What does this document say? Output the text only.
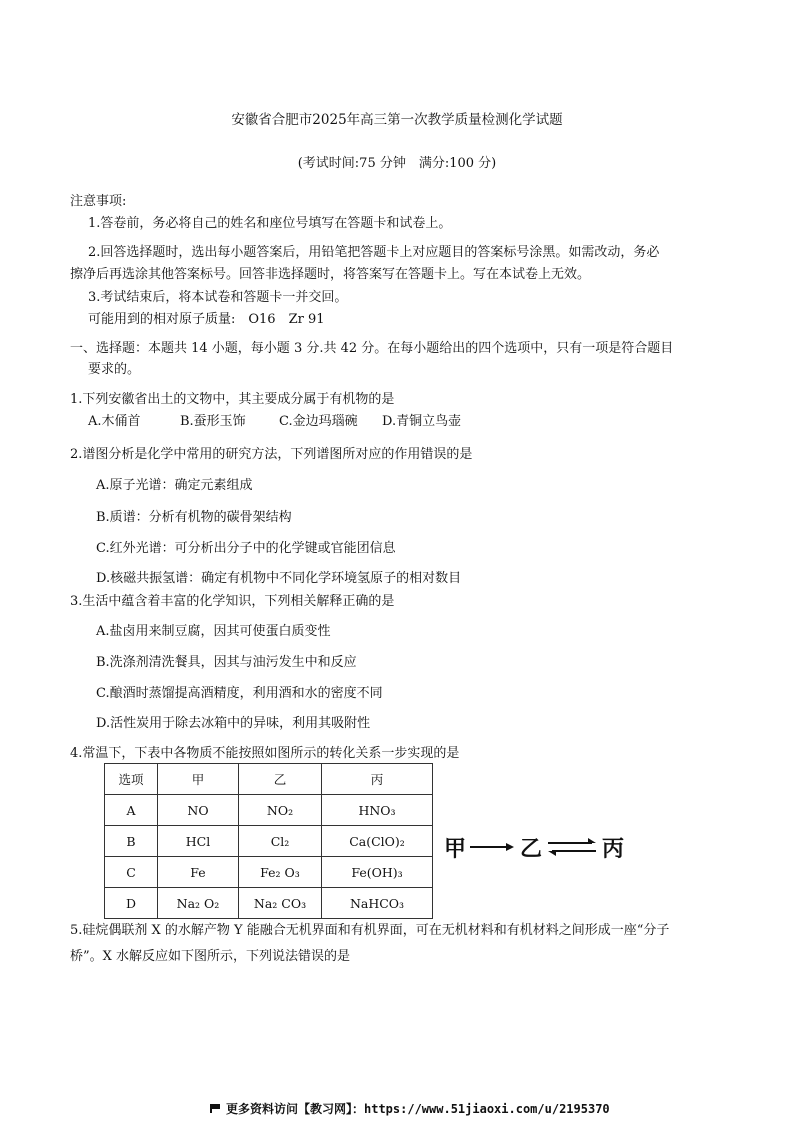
安徽省合肥市2025年高三第一次教学质量检测化学试题
(考试时间:75 分钟　满分:100 分)
注意事项:
1.答卷前，务必将自己的姓名和座位号填写在答题卡和试卷上。
2.回答选择题时，选出每小题答案后，用铅笔把答题卡上对应题目的答案标号涂黑。如需改动，务必
擦净后再选涂其他答案标号。回答非选择题时，将答案写在答题卡上。写在本试卷上无效。
3.考试结束后，将本试卷和答题卡一并交回。
可能用到的相对原子质量:　O16　Zr 91
一、选择题：本题共 14 小题，每小题 3 分.共 42 分。在每小题给出的四个选项中，只有一项是符合题目
要求的。
1.下列安徽省出土的文物中，其主要成分属于有机物的是
A.木俑首	B.蚕形玉饰	C.金边玛瑙碗 D.青铜立鸟壶
2.谱图分析是化学中常用的研究方法，下列谱图所对应的作用错误的是
A.原子光谱：确定元素组成
B.质谱：分析有机物的碳骨架结构
C.红外光谱：可分析出分子中的化学键或官能团信息
D.核磁共振氢谱：确定有机物中不同化学环境氢原子的相对数目
3.生活中蕴含着丰富的化学知识，下列相关解释正确的是
A.盐卤用来制豆腐，因其可使蛋白质变性
B.洗涤剂清洗餐具，因其与油污发生中和反应
C.酿酒时蒸馏提高酒精度，利用酒和水的密度不同
D.活性炭用于除去冰箱中的异味，利用其吸附性
4.常温下，下表中各物质不能按照如图所示的转化关系一步实现的是
选项	甲	乙	丙
A	NO	NO₂	HNO₃
B	HCl	Cl₂	Ca(ClO)₂
C	Fe	Fe₂ O₃	Fe(OH)₃
D	Na₂ O₂	Na₂ CO₃	NaHCO₃
甲 乙 ⇌ 丙
5.硅烷偶联剂 X 的水解产物 Y 能融合无机界面和有机界面，可在无机材料和有机材料之间形成一座“分子
桥”。X 水解反应如下图所示，下列说法错误的是
更多资料访问【教习网】：https://www.51jiaoxi.com/u/2195370
